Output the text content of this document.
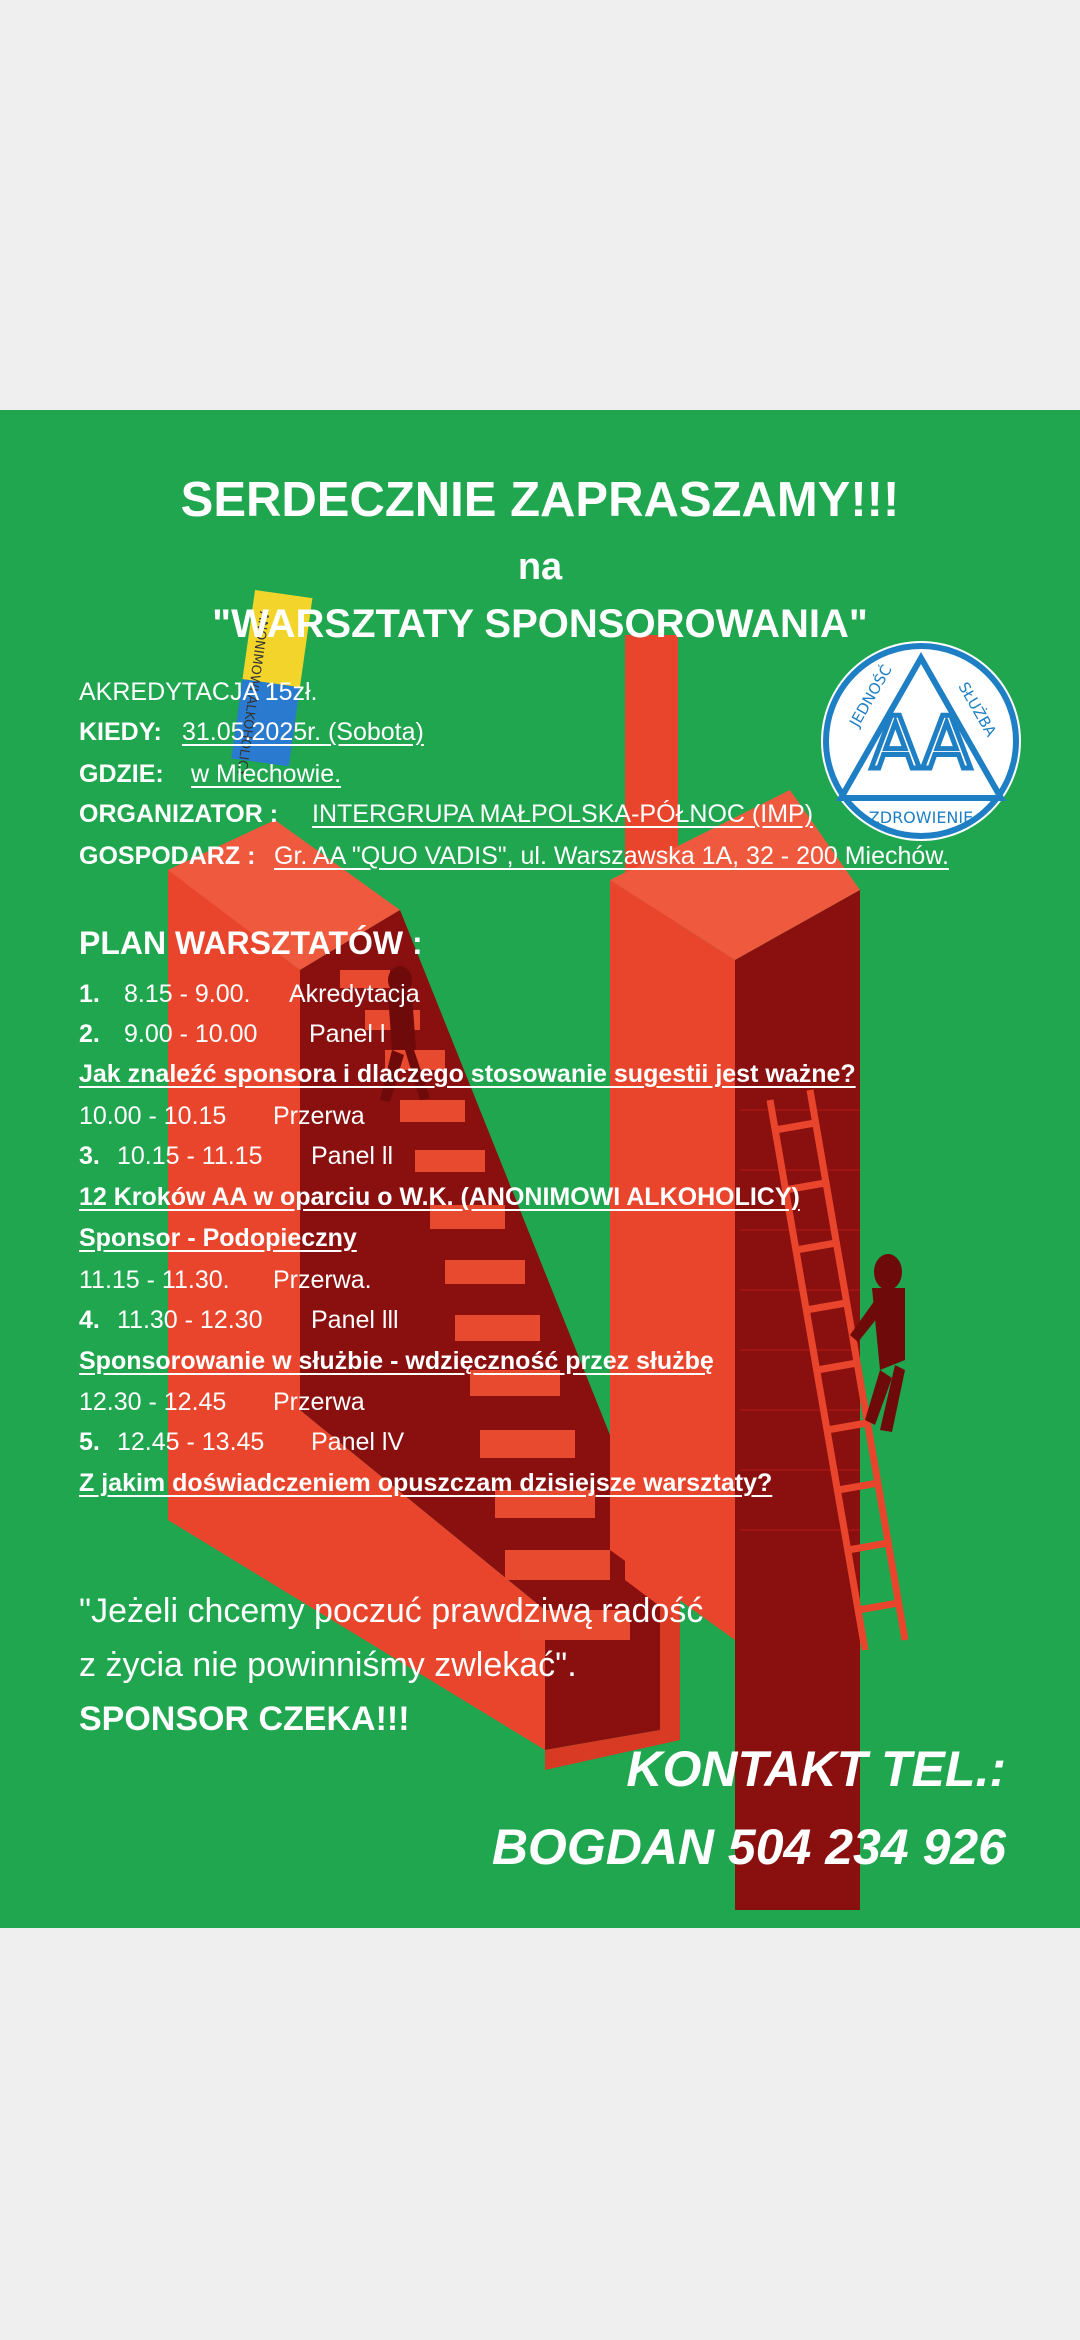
ANONIMOWI ALKOHOLICY	AA
JEDNOŚĆ	SŁUŻBA
ZDROWIENIE
SERDECZNIE ZAPRASZAMY!!!
na
"WARSZTATY SPONSOROWANIA"
AKREDYTACJA 15zł.
KIEDY: 31.05.2025r. (Sobota)
GDZIE: w Miechowie.
ORGANIZATOR : INTERGRUPA MAŁPOLSKA-PÓŁNOC (IMP)
GOSPODARZ : Gr. AA "QUO VADIS", ul. Warszawska 1A, 32 - 200 Miechów.
PLAN WARSZTATÓW :
1. 8.15 - 9.00. Akredytacja
2. 9.00 - 10.00 Panel l
Jak znaleźć sponsora i dlaczego stosowanie sugestii jest ważne?
10.00 - 10.15 Przerwa
3. 10.15 - 11.15 Panel ll
12 Kroków AA w oparciu o W.K. (ANONIMOWI ALKOHOLICY)
Sponsor - Podopieczny
11.15 - 11.30. Przerwa.
4. 11.30 - 12.30 Panel lll
Sponsorowanie w służbie - wdzięczność przez służbę
12.30 - 12.45 Przerwa
5. 12.45 - 13.45 Panel lV
Z jakim doświadczeniem opuszczam dzisiejsze warsztaty?
"Jeżeli chcemy poczuć prawdziwą radość
z życia nie powinniśmy zwlekać".
SPONSOR CZEKA!!!
KONTAKT TEL.:
BOGDAN 504 234 926
